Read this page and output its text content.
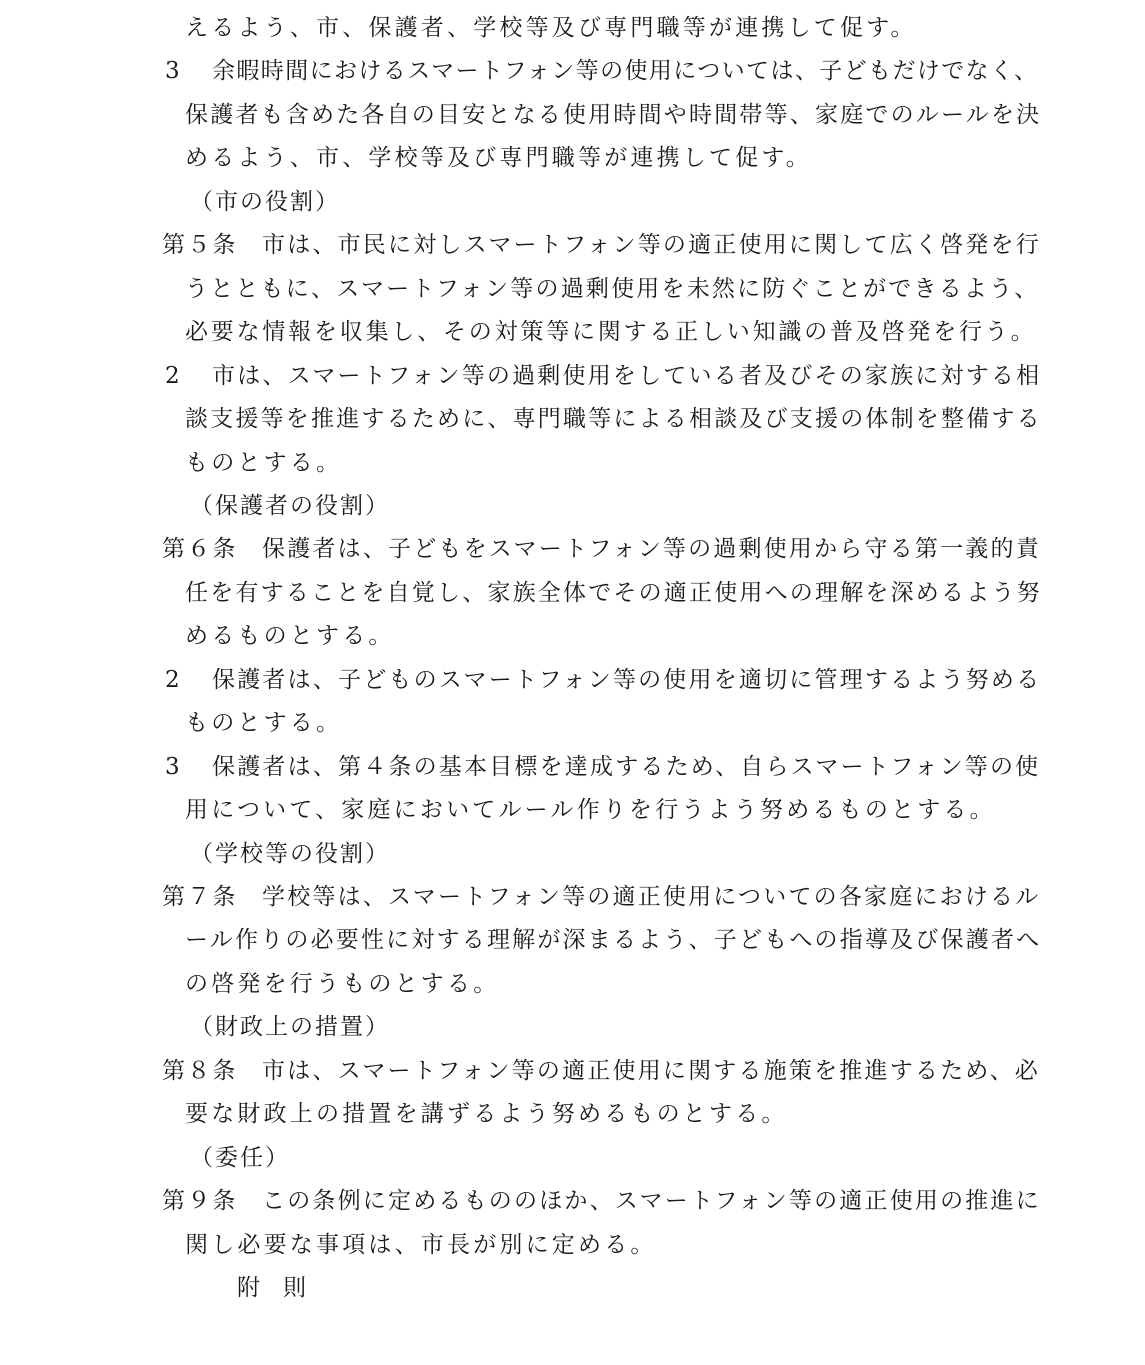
えるよう、市、保護者、学校等及び専門職等が連携して促す。
3 余暇時間におけるスマートフォン等の使用については、子どもだけでなく、
保護者も含めた各自の目安となる使用時間や時間帯等、家庭でのルールを決
めるよう、市、学校等及び専門職等が連携して促す。
（市の役割）
第５条 市は、市民に対しスマートフォン等の適正使用に関して広く啓発を行
うとともに、スマートフォン等の過剰使用を未然に防ぐことができるよう、
必要な情報を収集し、その対策等に関する正しい知識の普及啓発を行う。
2 市は、スマートフォン等の過剰使用をしている者及びその家族に対する相
談支援等を推進するために、専門職等による相談及び支援の体制を整備する
ものとする。
（保護者の役割）
第６条 保護者は、子どもをスマートフォン等の過剰使用から守る第一義的責
任を有することを自覚し、家族全体でその適正使用への理解を深めるよう努
めるものとする。
2 保護者は、子どものスマートフォン等の使用を適切に管理するよう努める
ものとする。
3 保護者は、第４条の基本目標を達成するため、自らスマートフォン等の使
用について、家庭においてルール作りを行うよう努めるものとする。
（学校等の役割）
第７条 学校等は、スマートフォン等の適正使用についての各家庭におけるル
ール作りの必要性に対する理解が深まるよう、子どもへの指導及び保護者へ
の啓発を行うものとする。
（財政上の措置）
第８条 市は、スマートフォン等の適正使用に関する施策を推進するため、必
要な財政上の措置を講ずるよう努めるものとする。
（委任）
第９条 この条例に定めるもののほか、スマートフォン等の適正使用の推進に
関し必要な事項は、市長が別に定める。
附　則
